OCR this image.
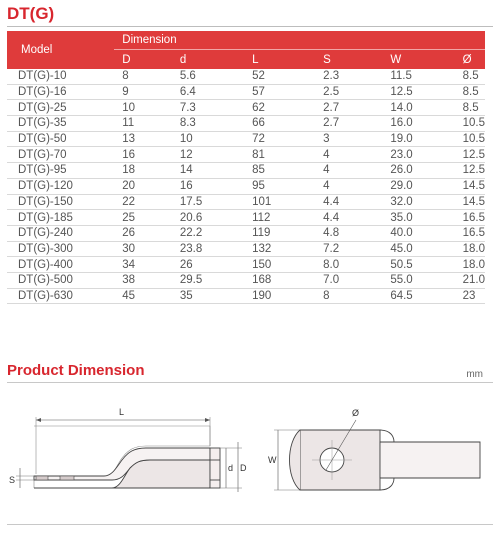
DT(G)
Model	Dimension					
	D	d	L	S	W	Ø
DT(G)-10	8	5.6	52	2.3	11.5	8.5
DT(G)-16	9	6.4	57	2.5	12.5	8.5
DT(G)-25	10	7.3	62	2.7	14.0	8.5
DT(G)-35	11	8.3	66	2.7	16.0	10.5
DT(G)-50	13	10	72	3	19.0	10.5
DT(G)-70	16	12	81	4	23.0	12.5
DT(G)-95	18	14	85	4	26.0	12.5
DT(G)-120	20	16	95	4	29.0	14.5
DT(G)-150	22	17.5	101	4.4	32.0	14.5
DT(G)-185	25	20.6	112	4.4	35.0	16.5
DT(G)-240	26	22.2	119	4.8	40.0	16.5
DT(G)-300	30	23.8	132	7.2	45.0	18.0
DT(G)-400	34	26	150	8.0	50.5	18.0
DT(G)-500	38	29.5	168	7.0	55.0	21.0
DT(G)-630	45	35	190	8	64.5	23
Product Dimension	mm
L
S
d D
W
Ø
